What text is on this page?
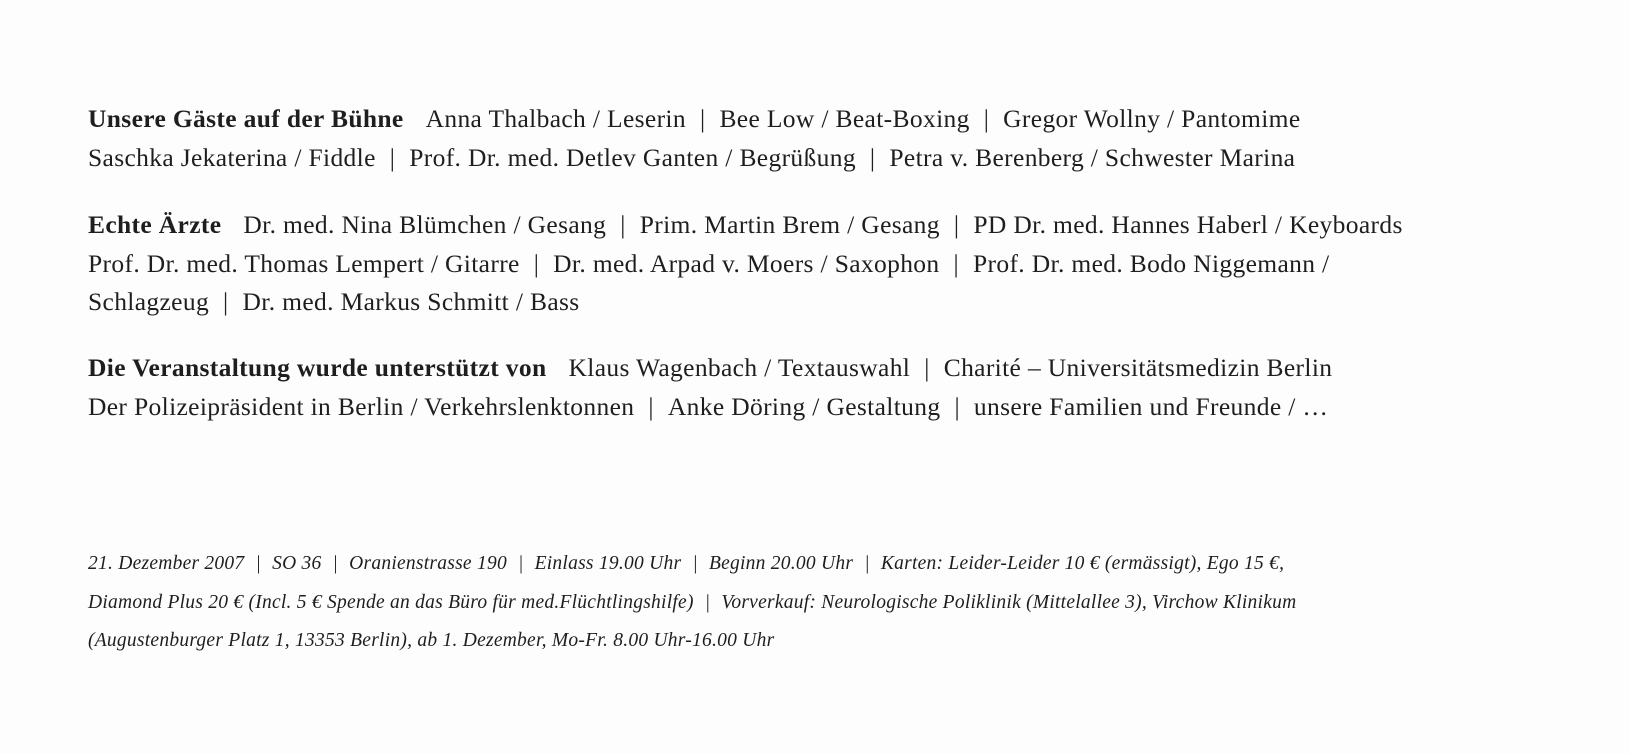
Unsere Gäste auf der Bühne Anna Thalbach / Leserin | Bee Low / Beat-Boxing | Gregor Wollny / Pantomime
Saschka Jekaterina / Fiddle | Prof. Dr. med. Detlev Ganten / Begrüßung | Petra v. Berenberg / Schwester Marina
Echte Ärzte Dr. med. Nina Blümchen / Gesang | Prim. Martin Brem / Gesang | PD Dr. med. Hannes Haberl / Keyboards
Prof. Dr. med. Thomas Lempert / Gitarre | Dr. med. Arpad v. Moers / Saxophon | Prof. Dr. med. Bodo Niggemann /
Schlagzeug | Dr. med. Markus Schmitt / Bass
Die Veranstaltung wurde unterstützt von Klaus Wagenbach / Textauswahl | Charité – Universitätsmedizin Berlin
Der Polizeipräsident in Berlin / Verkehrslenktonnen | Anke Döring / Gestaltung | unsere Familien und Freunde / …
21. Dezember 2007 | SO 36 | Oranienstrasse 190 | Einlass 19.00 Uhr | Beginn 20.00 Uhr | Karten: Leider-Leider 10 € (ermässigt), Ego 15 €,
Diamond Plus 20 € (Incl. 5 € Spende an das Büro für med.Flüchtlingshilfe) | Vorverkauf: Neurologische Poliklinik (Mittelallee 3), Virchow Klinikum
(Augustenburger Platz 1, 13353 Berlin), ab 1. Dezember, Mo-Fr. 8.00 Uhr-16.00 Uhr
